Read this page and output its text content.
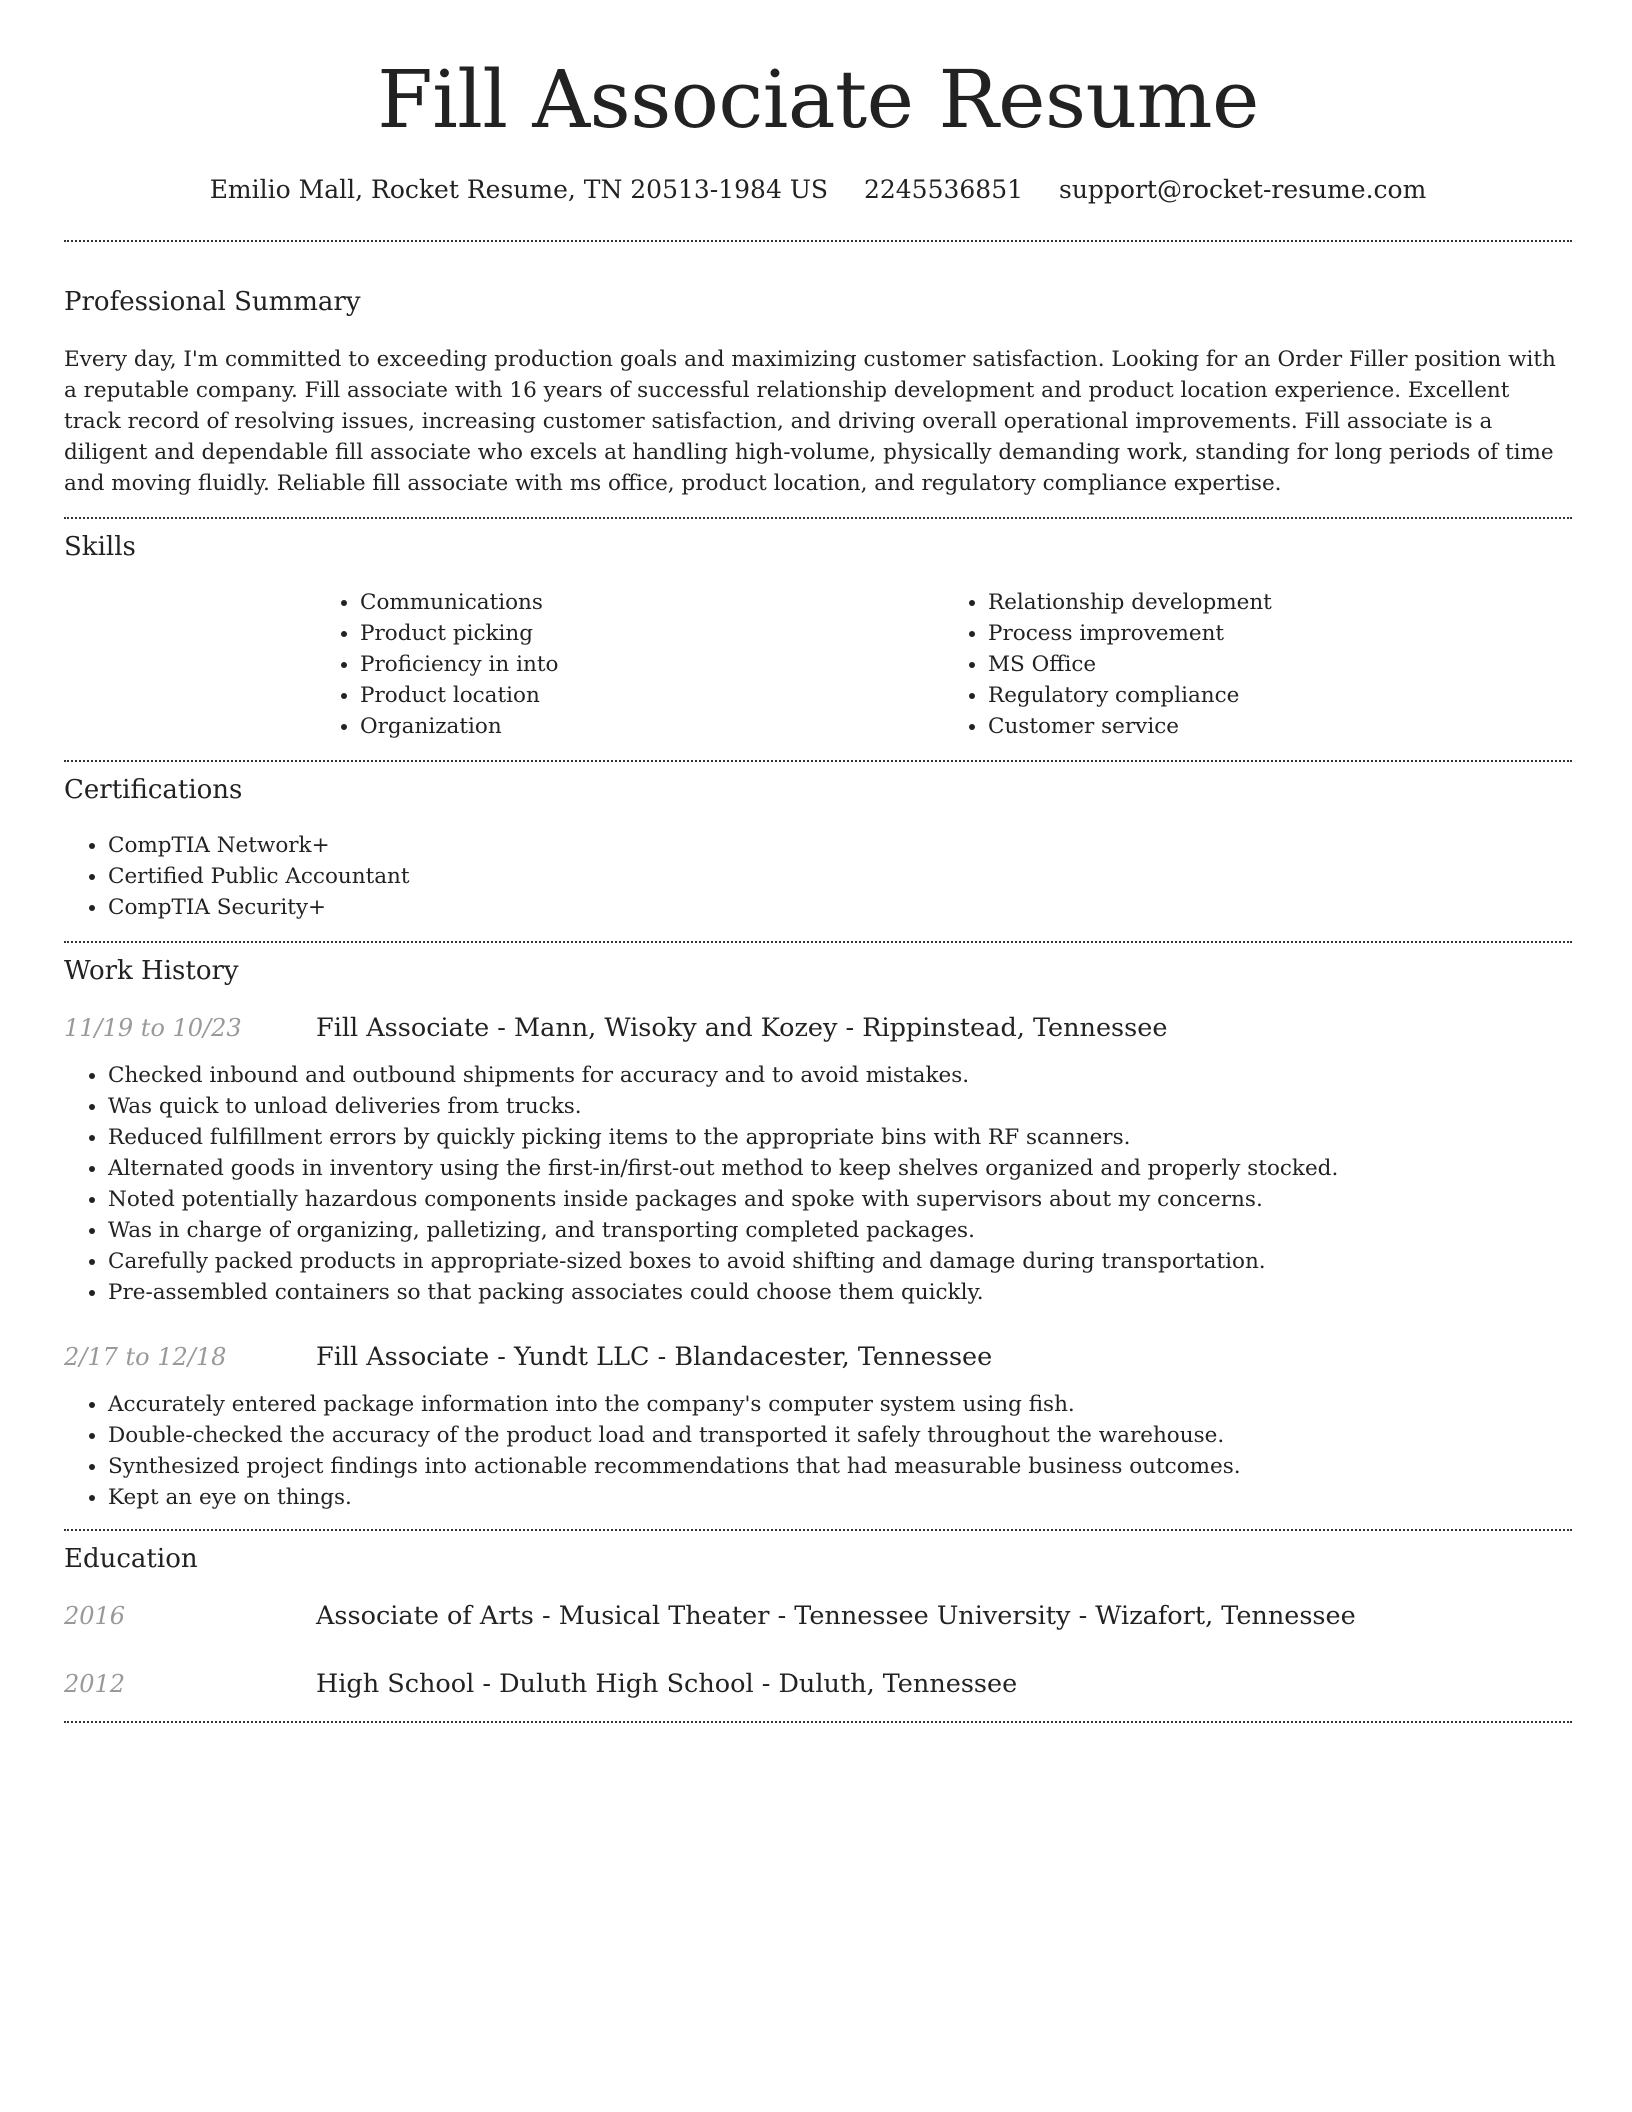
Fill Associate Resume
Emilio Mall, Rocket Resume, TN 20513-1984 US 2245536851 support@rocket-resume.com
Professional Summary

Every day, I'm committed to exceeding production goals and maximizing customer satisfaction. Looking for an Order Filler position with a reputable company. Fill associate with 16 years of successful relationship development and product location experience. Excellent track record of resolving issues, increasing customer satisfaction, and driving overall operational improvements. Fill associate is a diligent and dependable fill associate who excels at handling high-volume, physically demanding work, standing for long periods of time and moving fluidly. Reliable fill associate with ms office, product location, and regulatory compliance expertise.

Skills
• Communications
• Product picking
• Proficiency in into
• Product location
• Organization
• Relationship development
• Process improvement
• MS Office
• Regulatory compliance
• Customer service
Certifications
• CompTIA Network+
• Certified Public Accountant
• CompTIA Security+
Work History
11/19 to 10/23	Fill Associate - Mann, Wisoky and Kozey - Rippinstead, Tennessee
• Checked inbound and outbound shipments for accuracy and to avoid mistakes.
• Was quick to unload deliveries from trucks.
• Reduced fulfillment errors by quickly picking items to the appropriate bins with RF scanners.
• Alternated goods in inventory using the first-in/first-out method to keep shelves organized and properly stocked.
• Noted potentially hazardous components inside packages and spoke with supervisors about my concerns.
• Was in charge of organizing, palletizing, and transporting completed packages.
• Carefully packed products in appropriate-sized boxes to avoid shifting and damage during transportation.
• Pre-assembled containers so that packing associates could choose them quickly.
2/17 to 12/18	Fill Associate - Yundt LLC - Blandacester, Tennessee
• Accurately entered package information into the company's computer system using fish.
• Double-checked the accuracy of the product load and transported it safely throughout the warehouse.
• Synthesized project findings into actionable recommendations that had measurable business outcomes.
• Kept an eye on things.
Education
2016	Associate of Arts - Musical Theater - Tennessee University - Wizafort, Tennessee
2012	High School - Duluth High School - Duluth, Tennessee
